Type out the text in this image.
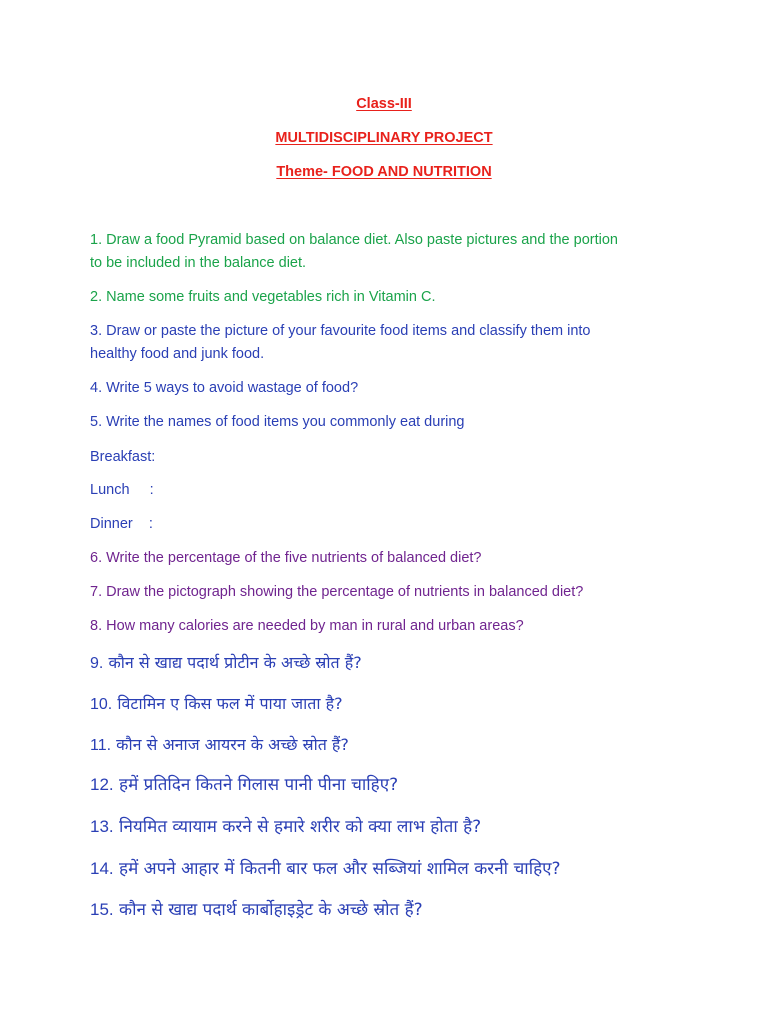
Class-III
MULTIDISCIPLINARY PROJECT
Theme- FOOD AND NUTRITION
1. Draw a food Pyramid based on balance diet. Also paste pictures and the portion
to be included in the balance diet.
2. Name some fruits and vegetables rich in Vitamin C.
3. Draw or paste the picture of your favourite food items and classify them into
healthy food and junk food.
4. Write 5 ways to avoid wastage of food?
5. Write the names of food items you commonly eat during
Breakfast:
Lunch     :
Dinner    :
6. Write the percentage of the five nutrients of balanced diet?
7. Draw the pictograph showing the percentage of nutrients in balanced diet?
8. How many calories are needed by man in rural and urban areas?
9. कौन से खाद्य पदार्थ प्रोटीन के अच्छे स्रोत हैं?
10. विटामिन ए किस फल में पाया जाता है?
11. कौन से अनाज आयरन के अच्छे स्रोत हैं?
12. हमें प्रतिदिन कितने गिलास पानी पीना चाहिए?
13. नियमित व्यायाम करने से हमारे शरीर को क्या लाभ होता है?
14. हमें अपने आहार में कितनी बार फल और सब्जियां शामिल करनी चाहिए?
15. कौन से खाद्य पदार्थ कार्बोहाइड्रेट के अच्छे स्रोत हैं?
